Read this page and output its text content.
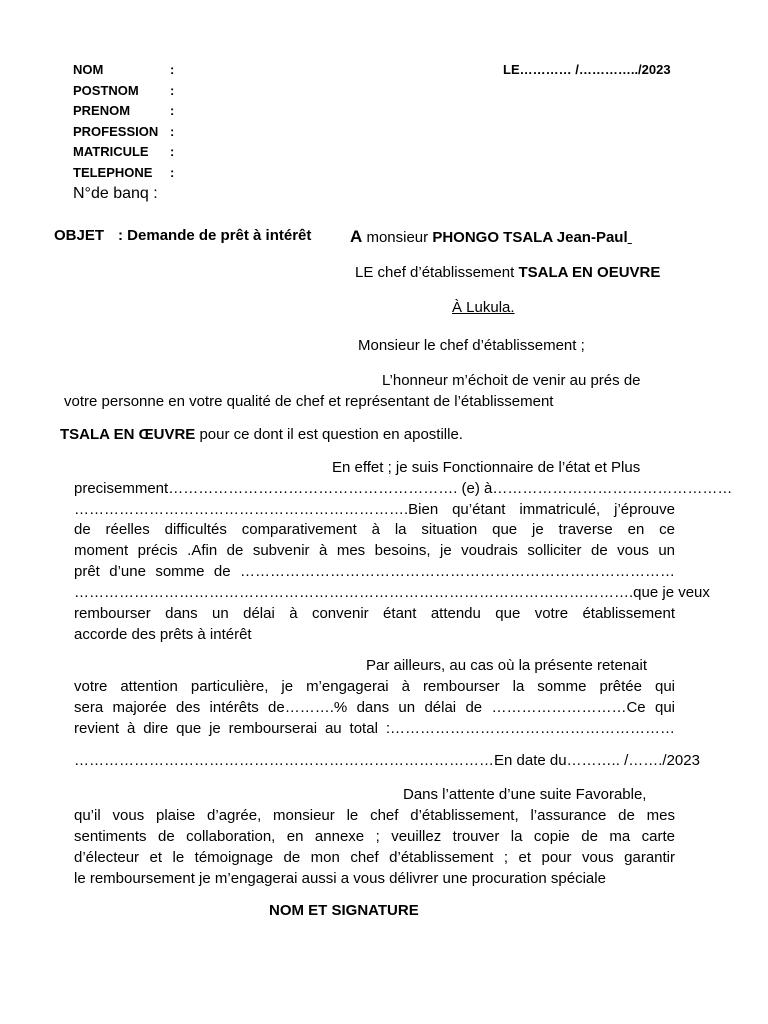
NOM	:
POSTNOM :
PRENOM	:
PROFESSION :
MATRICULE :
TELEPHONE :
N°de banq :
LE………… /…………../2023
OBJET : Demande de prêt à intérêt A monsieur PHONGO TSALA Jean-Paul
LE chef d’établissement TSALA EN OEUVRE
À Lukula.
Monsieur le chef d’établissement ;
L’honneur m’échoit de venir au prés de
votre personne en votre qualité de chef et représentant de l’établissement
TSALA EN ŒUVRE pour ce dont il est question en apostille.
En effet ; je suis Fonctionnaire de l’état et Plus
precisemment…………………………………………………. (e) à…………………………………………
………………………………………………………….Bien qu’étant immatriculé, j’éprouve
de réelles difficultés comparativement à la situation que je traverse en ce
moment précis .Afin de subvenir à mes besoins, je voudrais solliciter de vous un
prêt d’une somme de ……………………………………………………………………………
………………………………………………………………………………………………….que je veux
rembourser dans un délai à convenir étant attendu que votre établissement
accorde des prêts à intérêt
Par ailleurs, au cas où la présente retenait
votre attention particulière, je m’engagerai à rembourser la somme prêtée qui
sera majorée des intérêts de……….% dans un délai de ………………………Ce qui
revient à dire que je rembourserai au total :…………………………………………………
…………………………………………………………………………En date du……….. /……./2023
Dans l’attente d’une suite Favorable,
qu’il vous plaise d’agrée, monsieur le chef d’établissement, l’assurance de mes
sentiments de collaboration, en annexe ; veuillez trouver la copie de ma carte
d’électeur et le témoignage de mon chef d’établissement ; et pour vous garantir
le remboursement je m’engagerai aussi a vous délivrer une procuration spéciale
NOM ET SIGNATURE
